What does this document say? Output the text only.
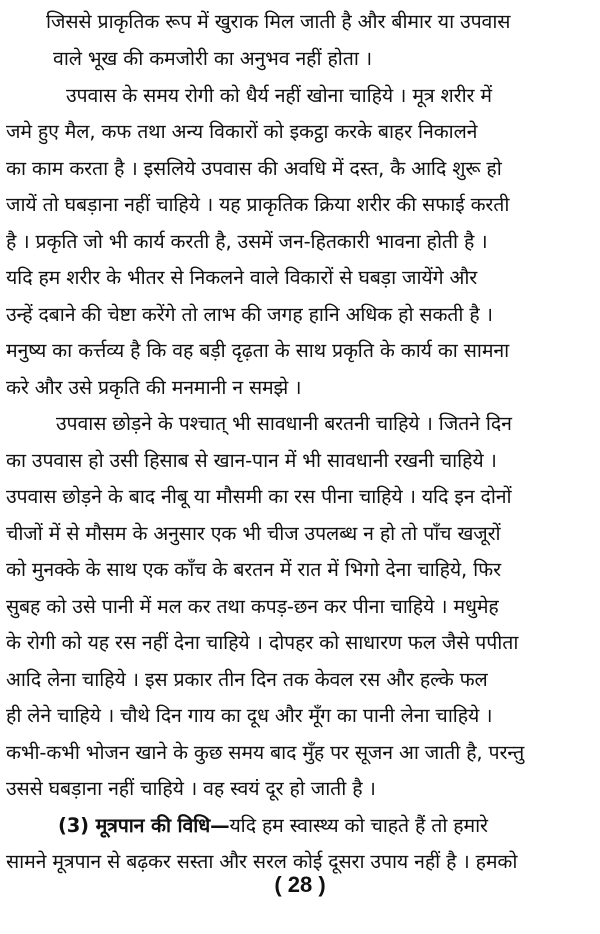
जिससे प्राकृतिक रूप में खुराक मिल जाती है और बीमार या उपवास
वाले भूख की कमजोरी का अनुभव नहीं होता ।
उपवास के समय रोगी को धैर्य नहीं खोना चाहिये । मूत्र शरीर में
जमे हुए मैल, कफ तथा अन्य विकारों को इकट्ठा करके बाहर निकालने
का काम करता है । इसलिये उपवास की अवधि में दस्त, कै आदि शुरू हो
जायें तो घबड़ाना नहीं चाहिये । यह प्राकृतिक क्रिया शरीर की सफाई करती
है । प्रकृति जो भी कार्य करती है, उसमें जन-हितकारी भावना होती है ।
यदि हम शरीर के भीतर से निकलने वाले विकारों से घबड़ा जायेंगे और
उन्हें दबाने की चेष्टा करेंगे तो लाभ की जगह हानि अधिक हो सकती है ।
मनुष्य का कर्त्तव्य है कि वह बड़ी दृढ़ता के साथ प्रकृति के कार्य का सामना
करे और उसे प्रकृति की मनमानी न समझे ।
उपवास छोड़ने के पश्चात् भी सावधानी बरतनी चाहिये । जितने दिन
का उपवास हो उसी हिसाब से खान-पान में भी सावधानी रखनी चाहिये ।
उपवास छोड़ने के बाद नीबू या मौसमी का रस पीना चाहिये । यदि इन दोनों
चीजों में से मौसम के अनुसार एक भी चीज उपलब्ध न हो तो पाँच खजूरों
को मुनक्के के साथ एक काँच के बरतन में रात में भिगो देना चाहिये, फिर
सुबह को उसे पानी में मल कर तथा कपड़-छन कर पीना चाहिये । मधुमेह
के रोगी को यह रस नहीं देना चाहिये । दोपहर को साधारण फल जैसे पपीता
आदि लेना चाहिये । इस प्रकार तीन दिन तक केवल रस और हल्के फल
ही लेने चाहिये । चौथे दिन गाय का दूध और मूँग का पानी लेना चाहिये ।
कभी-कभी भोजन खाने के कुछ समय बाद मुँह पर सूजन आ जाती है, परन्तु
उससे घबड़ाना नहीं चाहिये । वह स्वयं दूर हो जाती है ।
(3) मूत्रपान की विधि—यदि हम स्वास्थ्य को चाहते हैं तो हमारे
सामने मूत्रपान से बढ़कर सस्ता और सरल कोई दूसरा उपाय नहीं है । हमको
( 28 )
